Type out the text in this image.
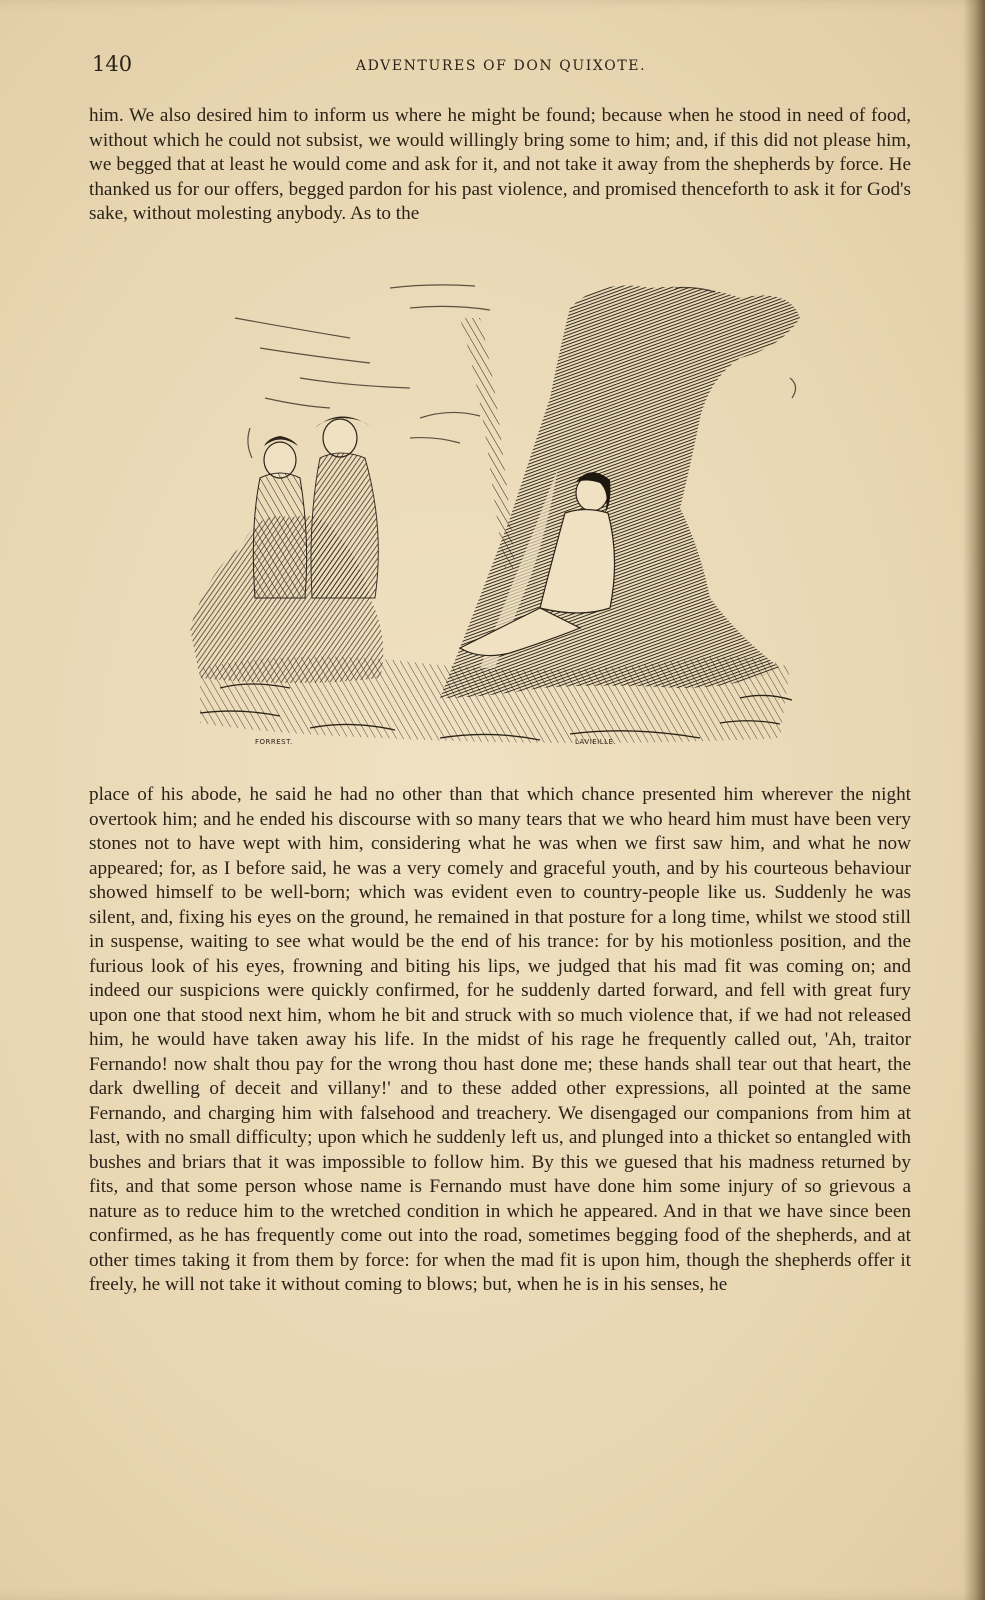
140	ADVENTURES OF DON QUIXOTE.

him. We also desired him to inform us where he might be found; because when he stood in need of food, without which he could not subsist, we would willingly bring some to him; and, if this did not please him, we begged that at least he would come and ask for it, and not take it away from the shepherds by force. He thanked us for our offers, begged pardon for his past violence, and promised thenceforth to ask it for God's sake, without molesting anybody. As to the

FORREST.	LAVIEILLE.

place of his abode, he said he had no other than that which chance presented him wherever the night overtook him; and he ended his discourse with so many tears that we who heard him must have been very stones not to have wept with him, considering what he was when we first saw him, and what he now appeared; for, as I before said, he was a very comely and graceful youth, and by his courteous behaviour showed himself to be well-born; which was evident even to country-people like us. Suddenly he was silent, and, fixing his eyes on the ground, he remained in that posture for a long time, whilst we stood still in suspense, waiting to see what would be the end of his trance: for by his motionless position, and the furious look of his eyes, frowning and biting his lips, we judged that his mad fit was coming on; and indeed our suspicions were quickly confirmed, for he suddenly darted forward, and fell with great fury upon one that stood next him, whom he bit and struck with so much violence that, if we had not released him, he would have taken away his life. In the midst of his rage he frequently called out, 'Ah, traitor Fernando! now shalt thou pay for the wrong thou hast done me; these hands shall tear out that heart, the dark dwelling of deceit and villany!' and to these added other expressions, all pointed at the same Fernando, and charging him with falsehood and treachery. We disengaged our companions from him at last, with no small difficulty; upon which he suddenly left us, and plunged into a thicket so entangled with bushes and briars that it was impossible to follow him. By this we guesed that his madness returned by fits, and that some person whose name is Fernando must have done him some injury of so grievous a nature as to reduce him to the wretched condition in which he appeared. And in that we have since been confirmed, as he has frequently come out into the road, sometimes begging food of the shepherds, and at other times taking it from them by force: for when the mad fit is upon him, though the shepherds offer it freely, he will not take it without coming to blows; but, when he is in his senses, he
